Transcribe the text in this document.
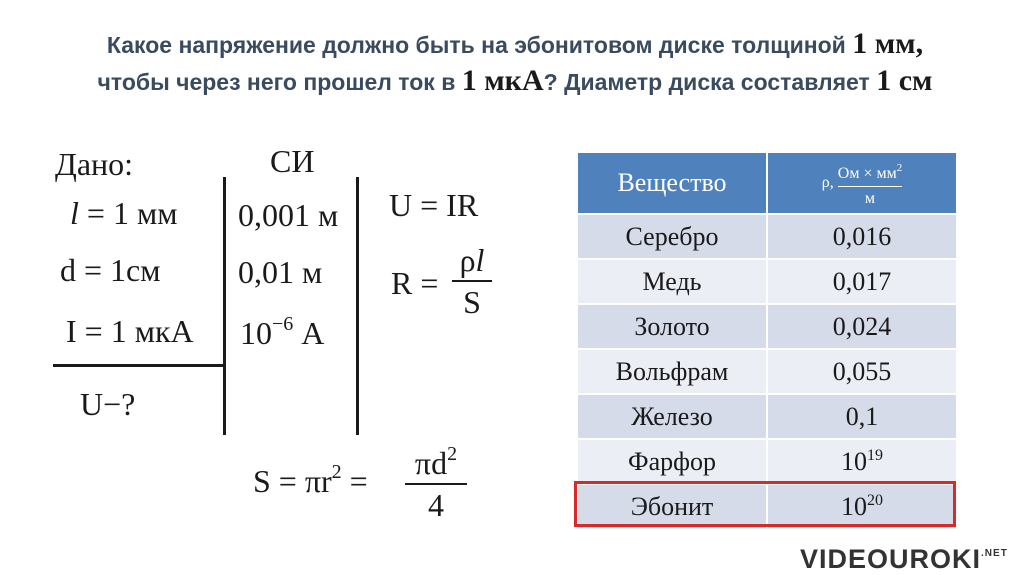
Какое напряжение должно быть на эбонитовом диске толщиной 1 мм,
чтобы через него прошел ток в 1 мкА? Диаметр диска составляет 1 см
Дано:
l = 1 мм
d = 1см
I = 1 мкА
U−?
СИ
0,001 м
0,01 м
$10^{-6}$ А
U = IR
R =
ρl
S
$S = \pi r^2$ =	$\pi d^2$
4
Вещество	ρ,
Ом × $мм^2$
м

Серебро	0,016
Медь	0,017
Золото	0,024
Вольфрам	0,055
Железо	0,1
Фарфор	$10^{19}$
Эбонит	$10^{20}$
$VIDEOUROKI^{.NET}$
